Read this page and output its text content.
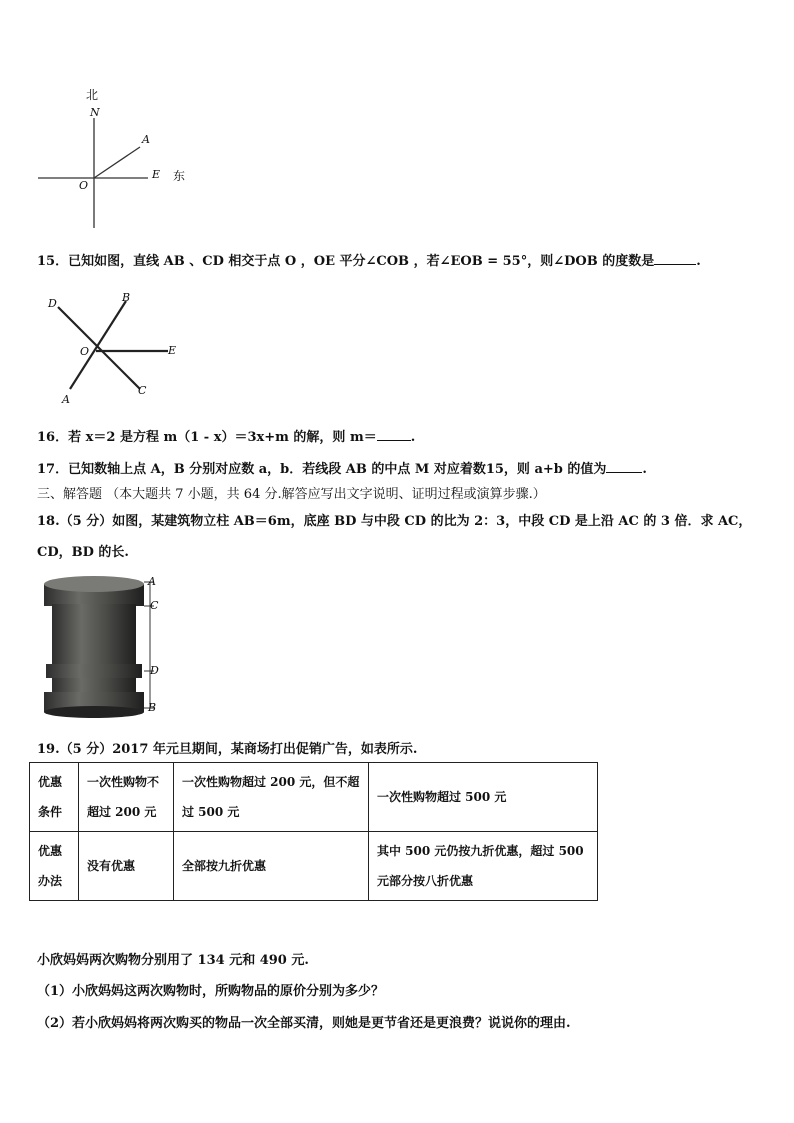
北
N
A
O
E 东
15．已知如图，直线 AB 、CD 相交于点 O ，OE 平分∠COB ，若∠EOB = 55°，则∠DOB 的度数是	.
D	B
O	E
A
C
16．若 x＝2 是方程 m（1 - x）＝3x+m 的解，则 m＝	.
17．已知数轴上点 A，B 分别对应数 a，b．若线段 AB 的中点 M 对应着数15，则 a+b 的值为	.
三、解答题 （本大题共 7 小题，共 64 分.解答应写出文字说明、证明过程或演算步骤.）
18.（5 分）如图，某建筑物立柱 AB＝6m，底座 BD 与中段 CD 的比为 2：3，中段 CD 是上沿 AC 的 3 倍．求 AC，
CD，BD 的长.
A
C
D
B
19.（5 分）2017 年元旦期间，某商场打出促销广告，如表所示.
优惠条件	一次性购物不超过 200 元	一次性购物超过 200 元，但不超过 500 元	一次性购物超过 500 元
优惠办法	没有优惠	全部按九折优惠	其中 500 元仍按九折优惠，超过 500 元部分按八折优惠
小欣妈妈两次购物分别用了 134 元和 490 元.
（1）小欣妈妈这两次购物时，所购物品的原价分别为多少？
（2）若小欣妈妈将两次购买的物品一次全部买清，则她是更节省还是更浪费？说说你的理由.
